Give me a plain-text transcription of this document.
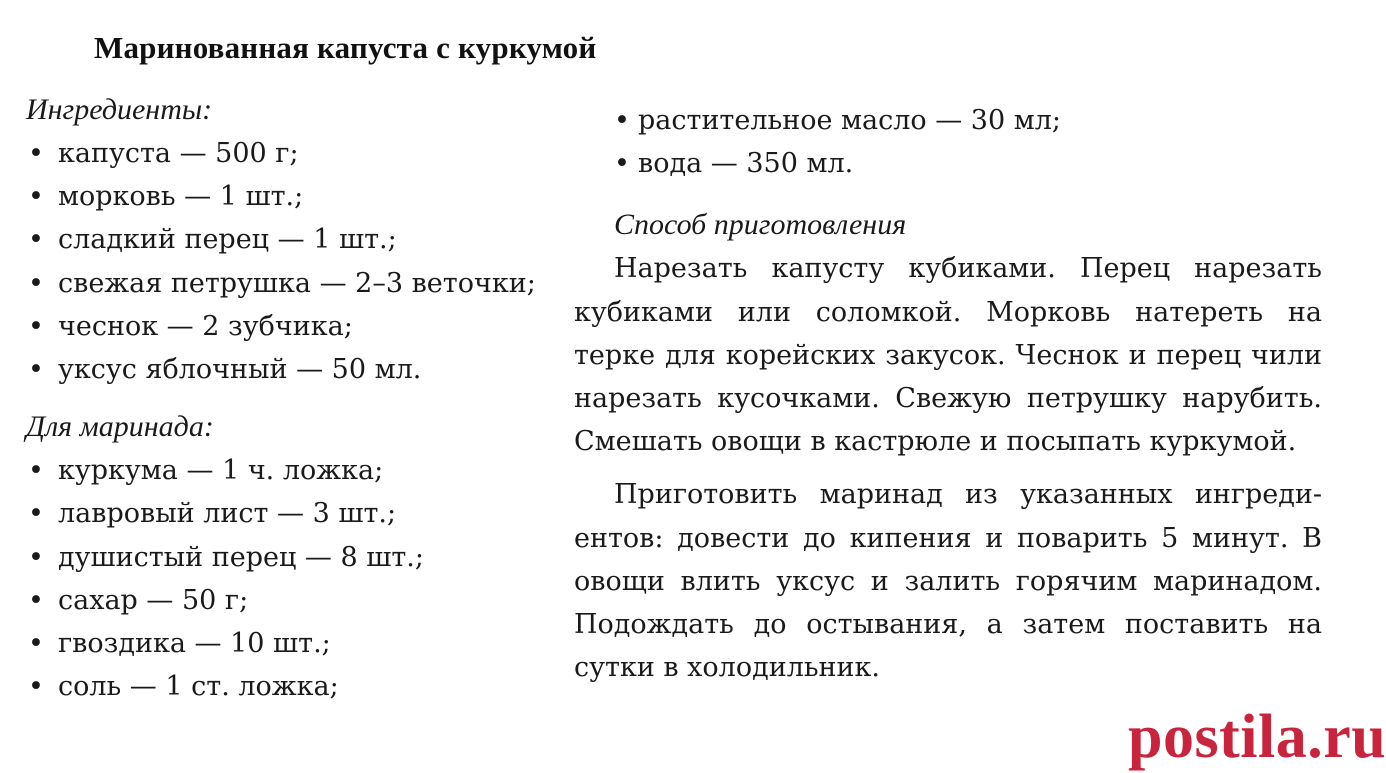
Маринованная капуста с куркумой

Ингредиенты:

• капуста — 500 г;
• морковь — 1 шт.;
• сладкий перец — 1 шт.;
• свежая петрушка — 2–3 веточки;
• чеснок — 2 зубчика;
• уксус яблочный — 50 мл.

Для маринада:

• куркума — 1 ч. ложка;
• лавровый лист — 3 шт.;
• душистый перец — 8 шт.;
• сахар — 50 г;
• гвоздика — 10 шт.;
• соль — 1 ст. ложка;
• растительное масло — 30 мл;
• вода — 350 мл.

Способ приготовления

Нарезать капусту кубиками. Перец нарезать кубиками или соломкой. Морковь натереть на терке для корейских закусок. Чеснок и перец чили нарезать кусочками. Свежую петрушку нарубить. Смешать овощи в кастрюле и посыпать куркумой.

Приготовить маринад из указанных ингредиентов: довести до кипения и поварить 5 минут. В овощи влить уксус и залить горячим маринадом. Подождать до остывания, а затем поставить на сутки в холодильник.

postila.ru
